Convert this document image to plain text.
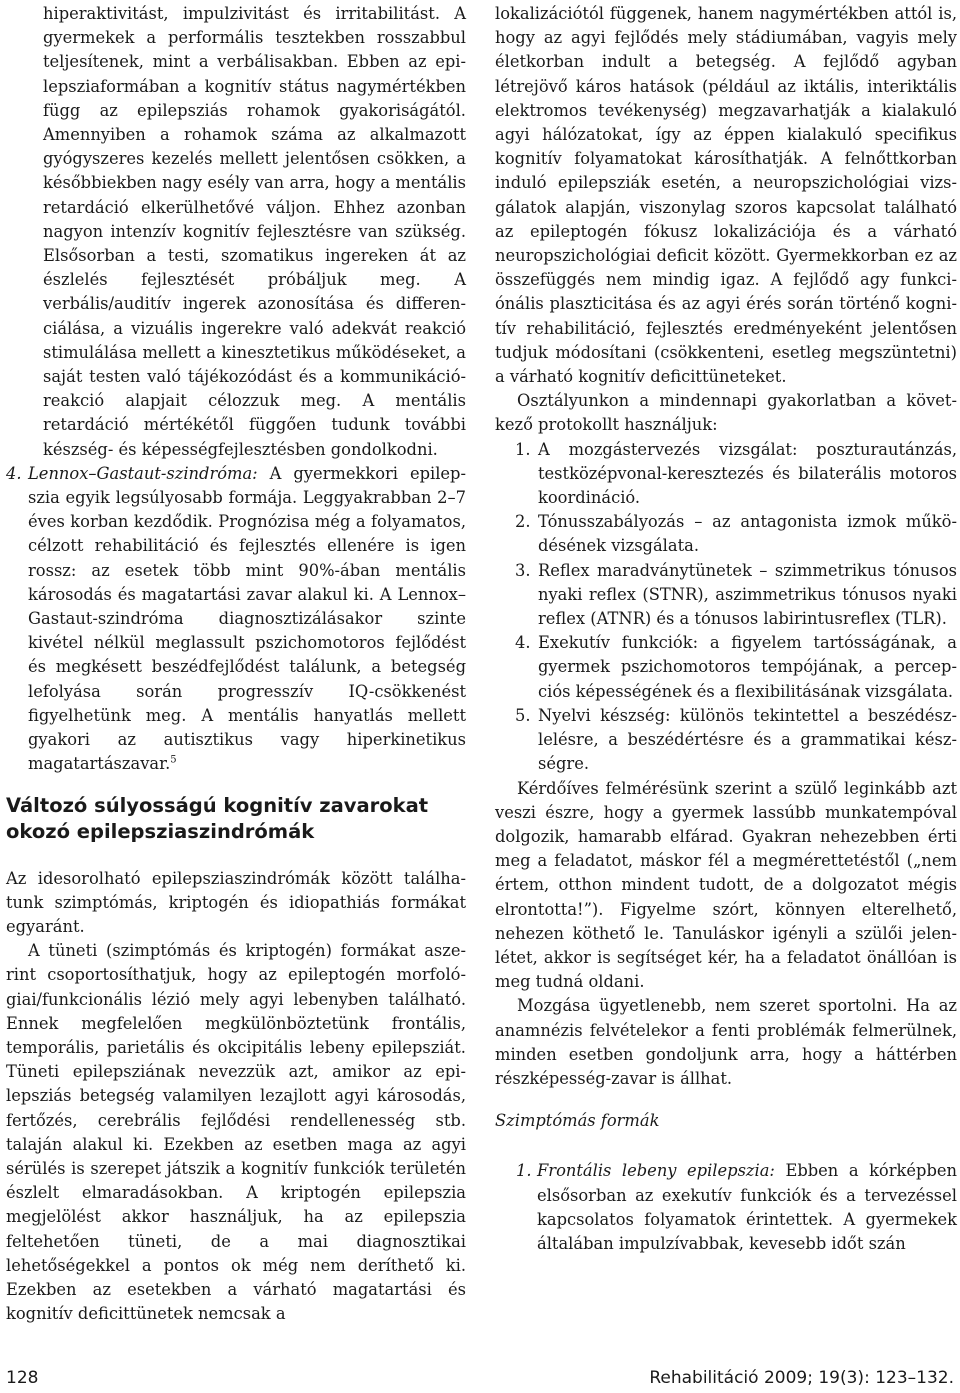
hiperaktivitást, impulzivitást és irritabilitást. A gyermekek a performális tesztekben rosszabbul teljesítenek, mint a verbálisakban. Ebben az epilepsziaformában a kognitív státus nagymértékben függ az epilepsziás rohamok gyakoriságától. Amennyiben a rohamok száma az alkalmazott gyógyszeres kezelés mellett jelentősen csökken, a későbbiekben nagy esély van arra, hogy a mentális retardáció elkerülhetővé váljon. Ehhez azonban nagyon intenzív kognitív fejlesztésre van szükség. Elsősorban a testi, szomatikus ingereken át az észlelés fejlesztését próbáljuk meg. A verbális/auditív ingerek azonosítása és differenciálása, a vizuális ingerekre való adekvát reakció stimulálása mellett a kinesztetikus működéseket, a saját testen való tájékozódást és a kommunikáció-reakció alapjait célozzuk meg. A mentális retardáció mértékétől függően tudunk további készség- és képességfejlesztésben gondolkodni.

4. Lennox–Gastaut-szindróma: A gyermekkori epilepszia egyik legsúlyosabb formája. Leggyakrabban 2–7 éves korban kezdődik. Prognózisa még a folyamatos, célzott rehabilitáció és fejlesztés ellenére is igen rossz: az esetek több mint 90%-ában mentális károsodás és magatartási zavar alakul ki. A Lennox–Gastaut-szindróma diagnosztizálásakor szinte kivétel nélkül meglassult pszichomotoros fejlődést és megkésett beszédfejlődést találunk, a betegség lefolyása során progresszív IQ-csökkenést figyelhetünk meg. A mentális hanyatlás mellett gyakori az autisztikus vagy hiperkinetikus magatartászavar.$^5$

Változó súlyosságú kognitív zavarokat okozó epilepsziaszindrómák

Az idesorolható epilepsziaszindrómák között találhatunk szimptómás, kriptogén és idiopathiás formákat egyaránt.

A tüneti (szimptómás és kriptogén) formákat aszerint csoportosíthatjuk, hogy az epileptogén morfológiai/funkcionális lézió mely agyi lebenyben található. Ennek megfelelően megkülönböztetünk frontális, temporális, parietális és okcipitális lebeny epilepsziát. Tüneti epilepsziának nevezzük azt, amikor az epilepsziás betegség valamilyen lezajlott agyi károsodás, fertőzés, cerebrális fejlődési rendellenesség stb. talaján alakul ki. Ezekben az esetben maga az agyi sérülés is szerepet játszik a kognitív funkciók területén észlelt elmaradásokban. A kriptogén epilepszia megjelölést akkor használjuk, ha az epilepszia feltehetően tüneti, de a mai diagnosztikai lehetőségekkel a pontos ok még nem deríthető ki. Ezekben az esetekben a várható magatartási és kognitív deficittünetek nemcsak a

lokalizációtól függenek, hanem nagymértékben attól is, hogy az agyi fejlődés mely stádiumában, vagyis mely életkorban indult a betegség. A fejlődő agyban létrejövő káros hatások (például az iktális, interiktális elektromos tevékenység) megzavarhatják a kialakuló agyi hálózatokat, így az éppen kialakuló specifikus kognitív folyamatokat károsíthatják. A felnőttkorban induló epilepsziák esetén, a neuropszichológiai vizsgálatok alapján, viszonylag szoros kapcsolat található az epileptogén fókusz lokalizációja és a várható neuropszichológiai deficit között. Gyermekkorban ez az összefüggés nem mindig igaz. A fejlődő agy funkciónális plaszticitása és az agyi érés során történő kognitív rehabilitáció, fejlesztés eredményeként jelentősen tudjuk módosítani (csökkenteni, esetleg megszüntetni) a várható kognitív deficittüneteket.

Osztályunkon a mindennapi gyakorlatban a következő protokollt használjuk:

1. A mozgástervezés vizsgálat: poszturautánzás, testközépvonal-keresztezés és bilaterális motoros koordináció.

2. Tónusszabályozás – az antagonista izmok működésének vizsgálata.

3. Reflex maradványtünetek – szimmetrikus tónusos nyaki reflex (STNR), aszimmetrikus tónusos nyaki reflex (ATNR) és a tónusos labirintusreflex (TLR).

4. Exekutív funkciók: a figyelem tartósságának, a gyermek pszichomotoros tempójának, a percepciós képességének és a flexibilitásának vizsgálata.

5. Nyelvi készség: különös tekintettel a beszédészlelésre, a beszédértésre és a grammatikai készségre.

Kérdőíves felmérésünk szerint a szülő leginkább azt veszi észre, hogy a gyermek lassúbb munkatempóval dolgozik, hamarabb elfárad. Gyakran nehezebben érti meg a feladatot, máskor fél a megmérettetéstől („nem értem, otthon mindent tudott, de a dolgozatot mégis elrontotta!”). Figyelme szórt, könnyen elterelhető, nehezen köthető le. Tanuláskor igényli a szülői jelenlétet, akkor is segítséget kér, ha a feladatot önállóan is meg tudná oldani.

Mozgása ügyetlenebb, nem szeret sportolni. Ha az anamnézis felvételekor a fenti problémák felmerülnek, minden esetben gondoljunk arra, hogy a háttérben részképesség-zavar is állhat.

Szimptómás formák

1. Frontális lebeny epilepszia: Ebben a kórképben elsősorban az exekutív funkciók és a tervezéssel kapcsolatos folyamatok érintettek. A gyermekek általában impulzívabbak, kevesebb időt szán

128	Rehabilitáció 2009; 19(3): 123–132.
